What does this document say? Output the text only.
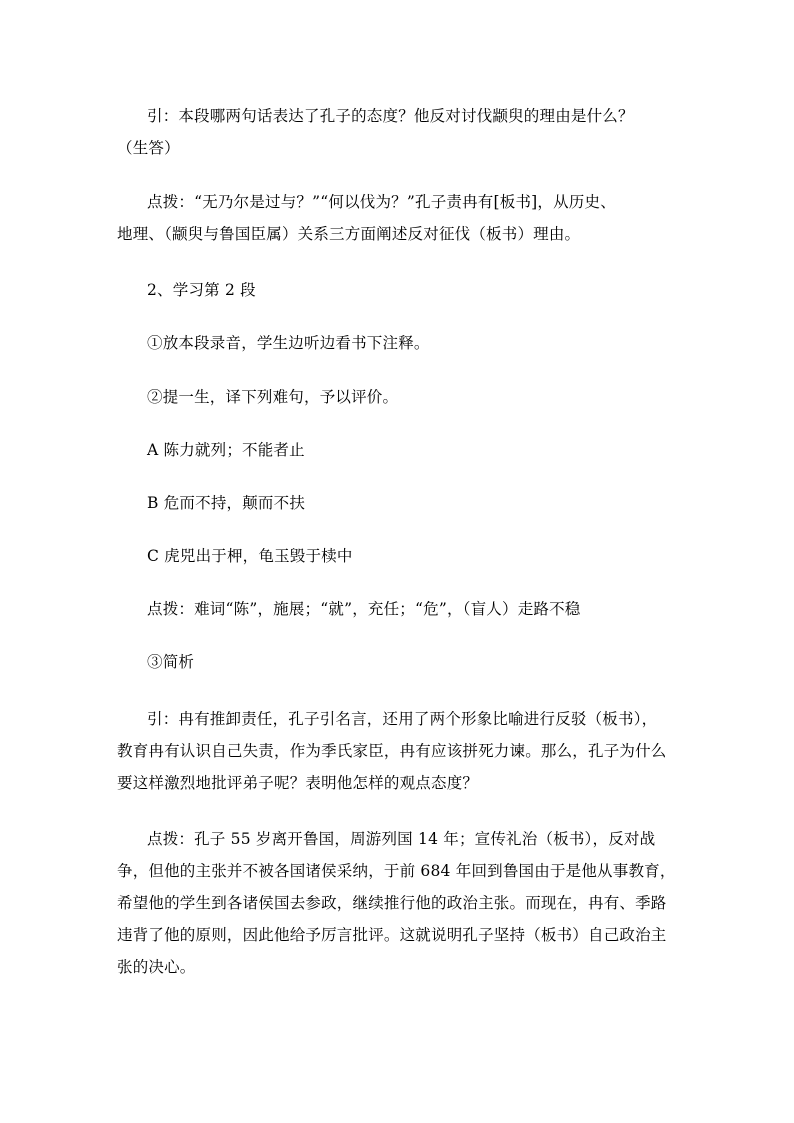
引：本段哪两句话表达了孔子的态度？他反对讨伐颛臾的理由是什么？
（生答）
点拨：“无乃尔是过与？”“何以伐为？”孔子责冉有[板书]，从历史、
地理、（颛臾与鲁国臣属）关系三方面阐述反对征伐（板书）理由。
2、学习第 2 段
①放本段录音，学生边听边看书下注释。
②提一生，译下列难句，予以评价。
A 陈力就列；不能者止
B 危而不持，颠而不扶
C 虎兕出于柙，龟玉毁于椟中
点拨：难词“陈”，施展；“就”，充任；“危”，（盲人）走路不稳
③简析
引：冉有推卸责任，孔子引名言，还用了两个形象比喻进行反驳（板书），
教育冉有认识自己失责，作为季氏家臣，冉有应该拼死力谏。那么，孔子为什么
要这样激烈地批评弟子呢？表明他怎样的观点态度？
点拨：孔子 55 岁离开鲁国，周游列国 14 年；宣传礼治（板书），反对战
争，但他的主张并不被各国诸侯采纳，于前 684 年回到鲁国由于是他从事教育，
希望他的学生到各诸侯国去参政，继续推行他的政治主张。而现在，冉有、季路
违背了他的原则，因此他给予厉言批评。这就说明孔子坚持（板书）自己政治主
张的决心。
